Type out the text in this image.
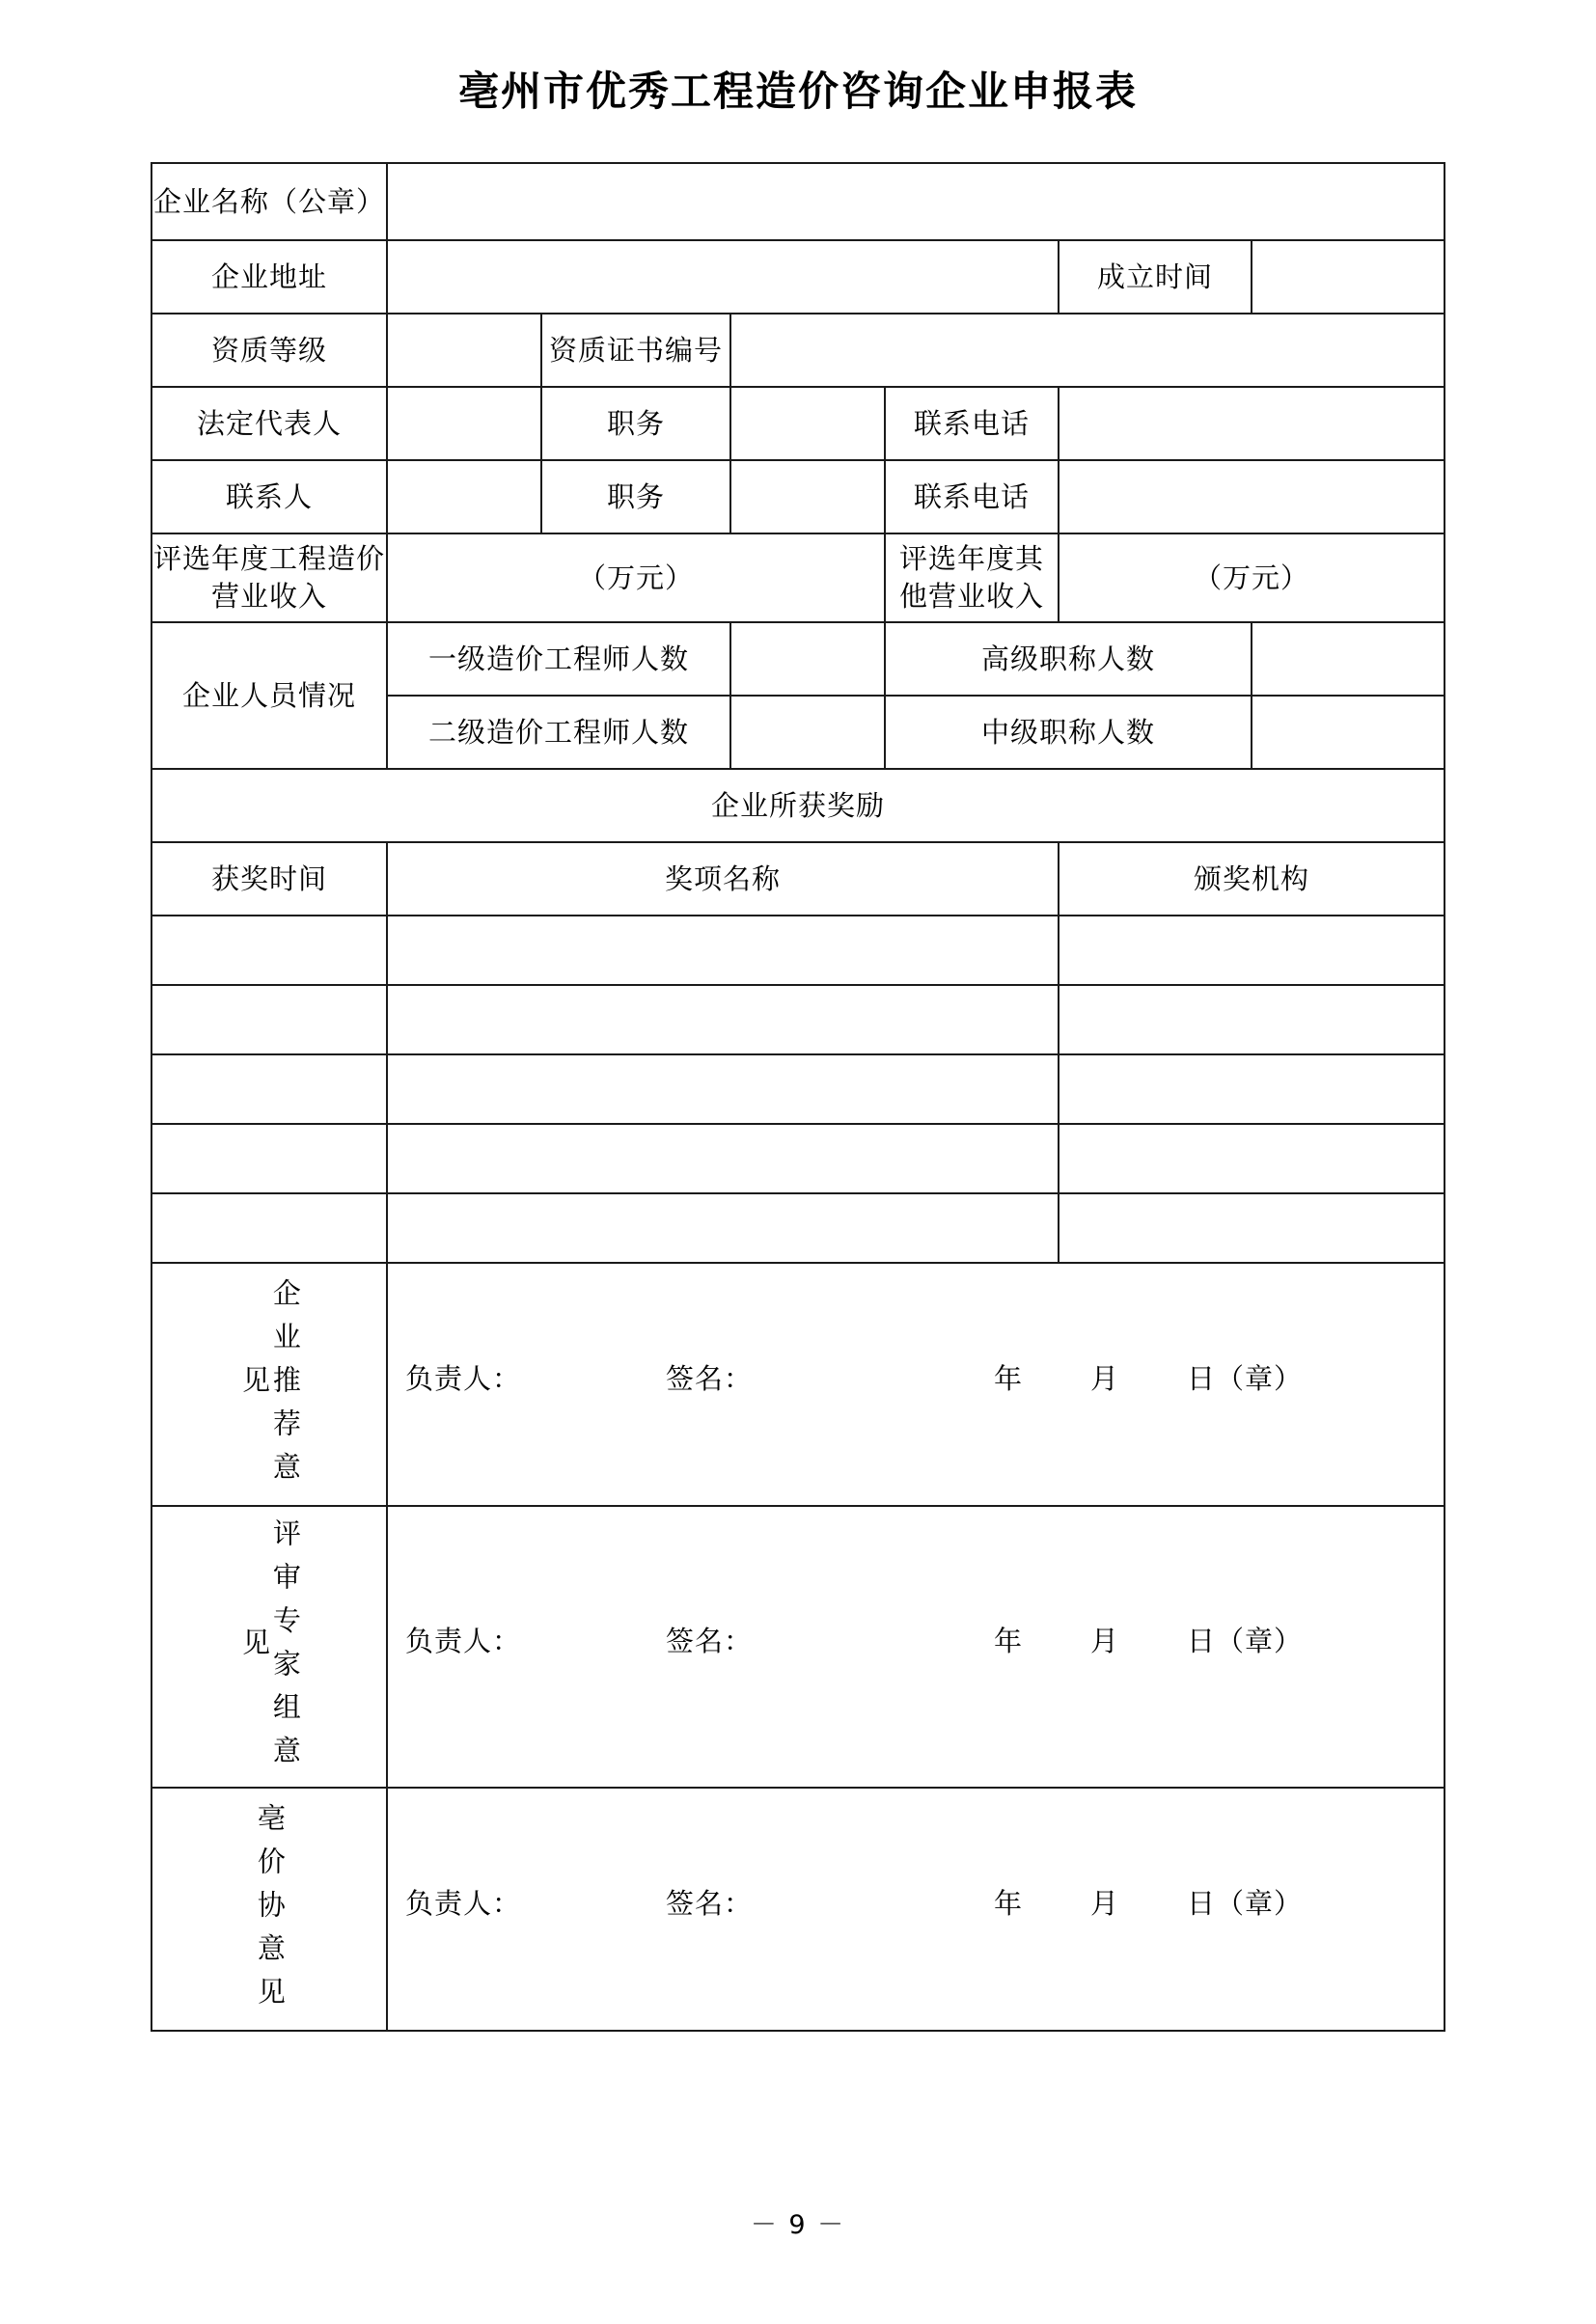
亳州市优秀工程造价咨询企业申报表
企业名称（公章）						
企业地址					成立时间	
资质等级		资质证书编号				
法定代表人		职务		联系电话		
联系人		职务		联系电话		
评选年度工程造价营业收入	（万元）			评选年度其他营业收入	（万元）	
企业人员情况	一级造价工程师人数			高级职称人数		
	二级造价工程师人数			中级职称人数		
企业所获奖励						
获奖时间	奖项名称				颁奖机构	

企业推荐意见	负责人： 签名： 年 月 日（章）					

评审专家组意见	负责人： 签名： 年 月 日（章）					

亳价协意见	负责人： 签名： 年 月 日（章）					
－ 9 －
